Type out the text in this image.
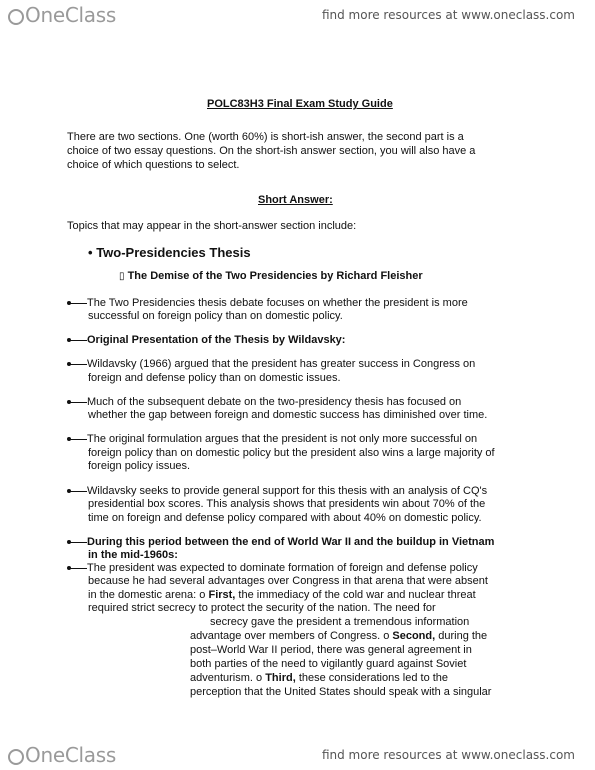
OneClass	find more resources at www.oneclass.com

POLC83H3 Final Exam Study Guide

There are two sections. One (worth 60%) is short-ish answer, the second part is a

choice of two essay questions. On the short-ish answer section, you will also have a

choice of which questions to select.

Short Answer:

Topics that may appear in the short-answer section include:

• Two-Presidencies Thesis

▯ The Demise of the Two Presidencies by Richard Fleisher

The Two Presidencies thesis debate focuses on whether the president is more

successful on foreign policy than on domestic policy.

Original Presentation of the Thesis by Wildavsky:

Wildavsky (1966) argued that the president has greater success in Congress on

foreign and defense policy than on domestic issues.

Much of the subsequent debate on the two-presidency thesis has focused on

whether the gap between foreign and domestic success has diminished over time.

The original formulation argues that the president is not only more successful on

foreign policy than on domestic policy but the president also wins a large majority of

foreign policy issues.

Wildavsky seeks to provide general support for this thesis with an analysis of CQ's

presidential box scores. This analysis shows that presidents win about 70% of the

time on foreign and defense policy compared with about 40% on domestic policy.

During this period between the end of World War II and the buildup in Vietnam

in the mid-1960s:

The president was expected to dominate formation of foreign and defense policy

because he had several advantages over Congress in that arena that were absent

in the domestic arena: o First, the immediacy of the cold war and nuclear threat

required strict secrecy to protect the security of the nation. The need for

secrecy gave the president a tremendous information

advantage over members of Congress. o Second, during the

post–World War II period, there was general agreement in

both parties of the need to vigilantly guard against Soviet

adventurism. o Third, these considerations led to the

perception that the United States should speak with a singular

OneClass	find more resources at www.oneclass.com
